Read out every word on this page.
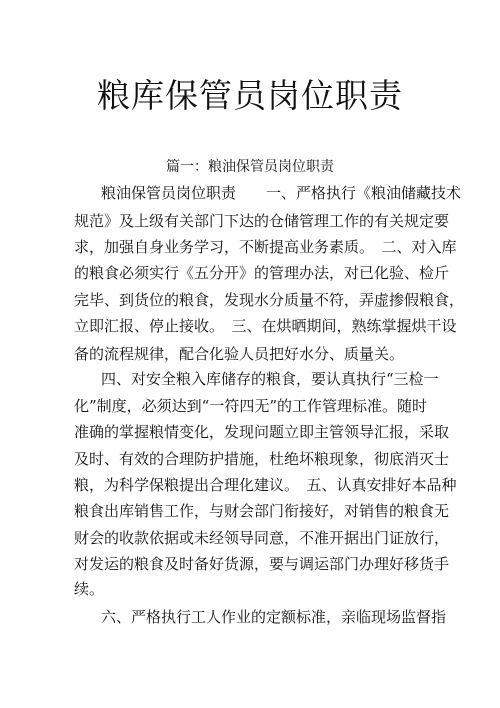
粮库保管员岗位职责
篇一：粮油保管员岗位职责
粮油保管员岗位职责　　一、严格执行《粮油储藏技术
规范》及上级有关部门下达的仓储管理工作的有关规定要
求，加强自身业务学习，不断提高业务素质。　二、对入库
的粮食必须实行《五分开》的管理办法，对已化验、检斤
完毕、到货位的粮食，发现水分质量不符，弄虚掺假粮食，
立即汇报、停止接收。　三、在烘晒期间，熟练掌握烘干设
备的流程规律，配合化验人员把好水分、质量关。
四、对安全粮入库储存的粮食，要认真执行“三检一
化”制度，必须达到“一符四无”的工作管理标准。随时
准确的掌握粮情变化，发现问题立即主管领导汇报，采取
及时、有效的合理防护措施，杜绝坏粮现象，彻底消灭士
粮，为科学保粮提出合理化建议。　五、认真安排好本品种
粮食出库销售工作，与财会部门衔接好，对销售的粮食无
财会的收款依据或未经领导同意，不准开据出门证放行，
对发运的粮食及时备好货源，要与调运部门办理好移货手
续。
六、严格执行工人作业的定额标准，亲临现场监督指
